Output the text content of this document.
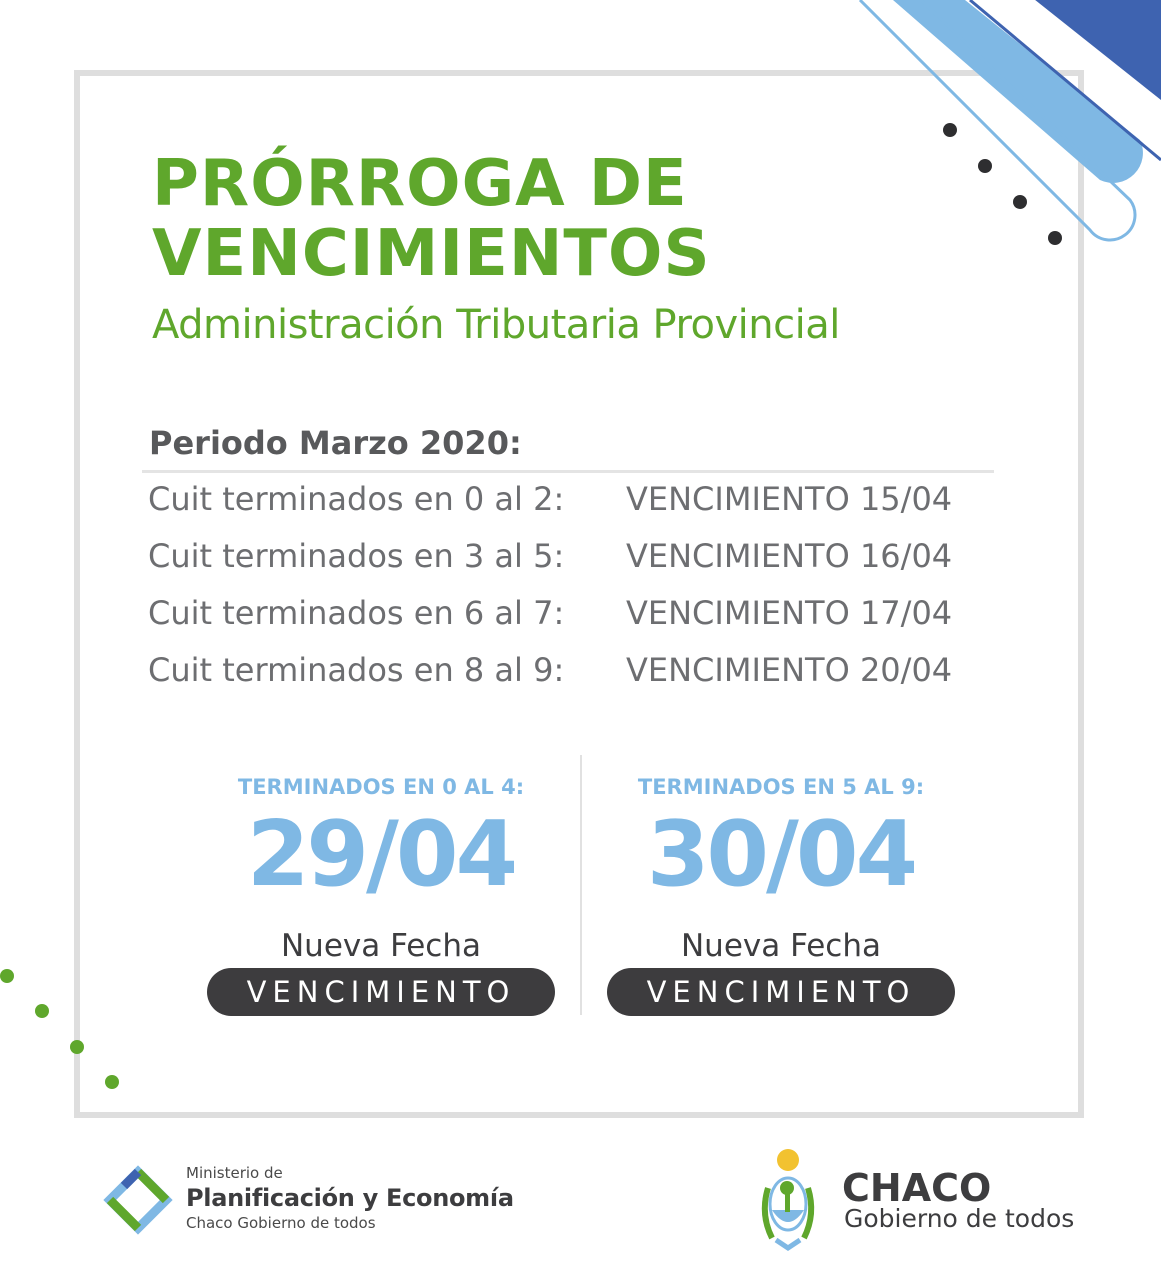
PRÓRROGA DE
VENCIMIENTOS
Administración Tributaria Provincial
Periodo Marzo 2020:
Cuit terminados en 0 al 2: VENCIMIENTO 15/04
Cuit terminados en 3 al 5: VENCIMIENTO 16/04
Cuit terminados en 6 al 7: VENCIMIENTO 17/04
Cuit terminados en 8 al 9: VENCIMIENTO 20/04
TERMINADOS EN 0 AL 4:
29/04
Nueva Fecha
VENCIMIENTO
TERMINADOS EN 5 AL 9:
30/04
Nueva Fecha
VENCIMIENTO
Ministerio de
Planificación y Economía
Chaco Gobierno de todos
CHACO
Gobierno de todos
